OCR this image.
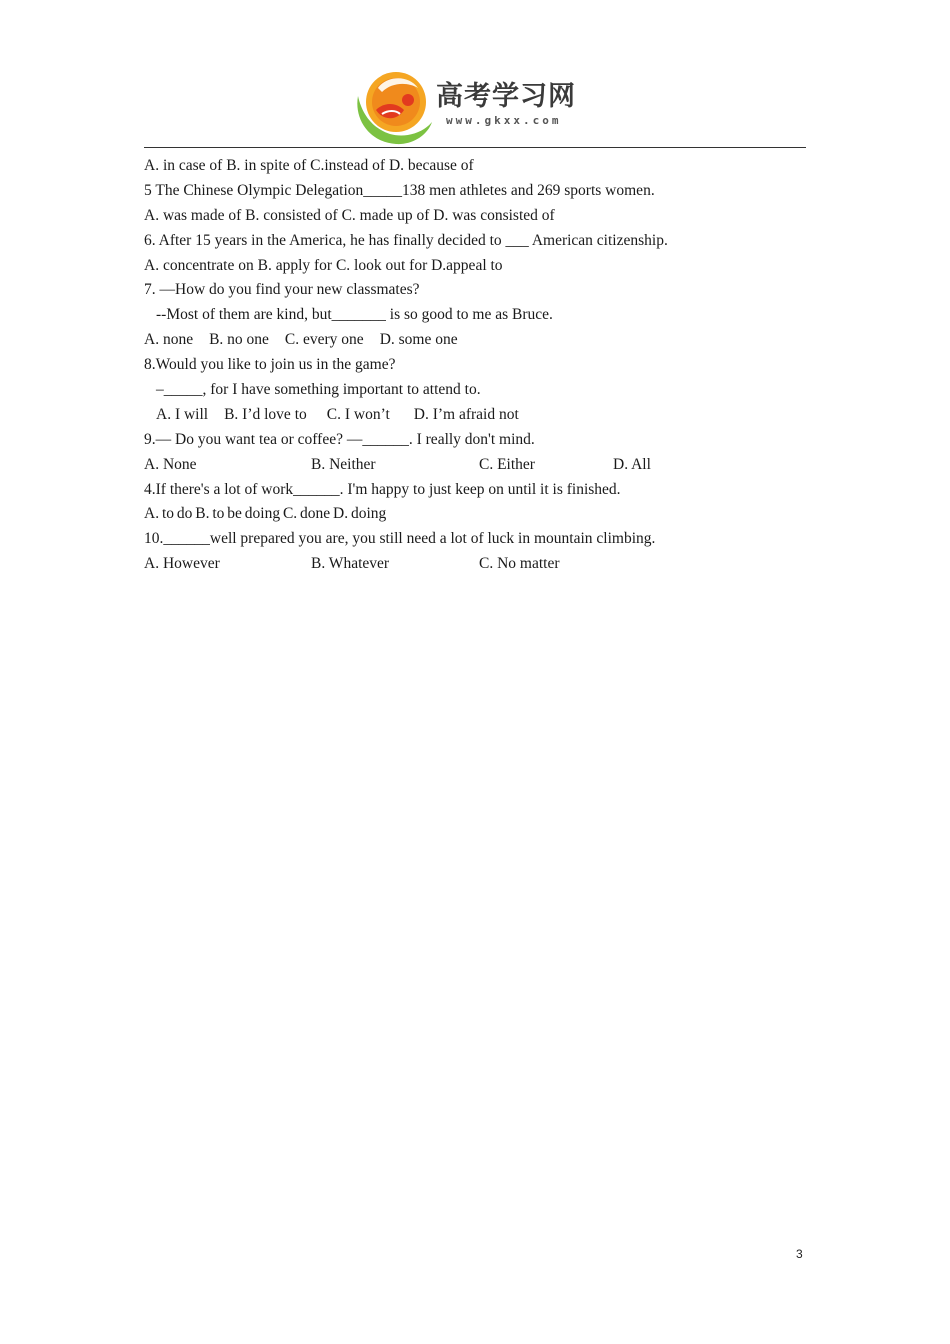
高考学习网
www.gkxx.com
A. in case of B. in spite of C.instead of D. because of
5 The Chinese Olympic Delegation_____138 men athletes and 269 sports women.
A. was made of B. consisted of C. made up of D. was consisted of
6. After 15 years in the America, he has finally decided to ___ American citizenship.
A. concentrate on B. apply for C. look out for D.appeal to
7. —How do you find your new classmates?
--Most of them are kind, but_______ is so good to me as Bruce.
A. none B. no one C. every one D. some one
8.Would you like to join us in the game?
–_____, for I have something important to attend to.
A. I will B. I’d love to C. I won’t D. I’m afraid not
9.— Do you want tea or coffee? —______. I really don't mind.
A. None	B. Neither	C. Either	D. All
4.If there's a lot of work______. I'm happy to just keep on until it is finished.
A. to do B. to be doing C. done D. doing
10.______well prepared you are, you still need a lot of luck in mountain climbing.
A. However	B. Whatever	C. No matter
3
